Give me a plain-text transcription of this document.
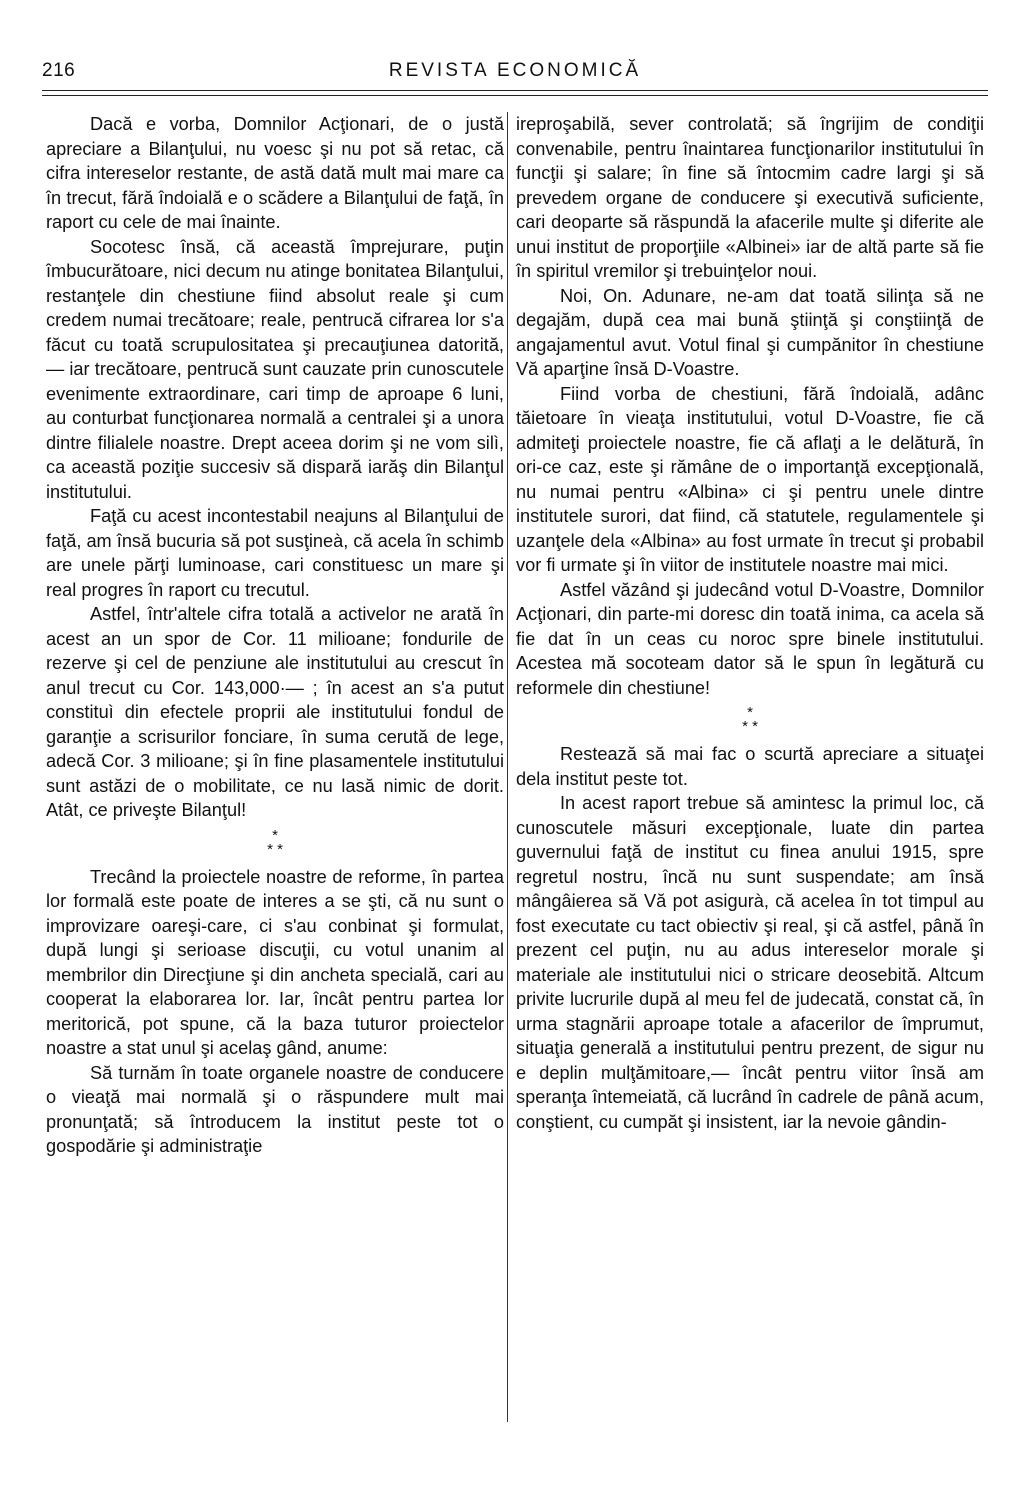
REVISTA ECONOMICĂ
216

Dacă e vorba, Domnilor Acţionari, de o justă apreciare a Bilanţului, nu voesc şi nu pot să retac, că cifra intereselor restante, de astă dată mult mai mare ca în trecut, fără îndoială e o scădere a Bilanţului de faţă, în raport cu cele de mai înainte.

Socotesc însă, că această împrejurare, puţin îmbucurătoare, nici decum nu atinge bonitatea Bilanţului, restanţele din chestiune fiind absolut reale şi cum credem numai trecătoare; reale, pentrucă cifrarea lor s'a făcut cu toată scrupulositatea şi precauţiunea datorită, — iar trecătoare, pentrucă sunt cauzate prin cunoscutele evenimente extraordinare, cari timp de aproape 6 luni, au conturbat funcţionarea normală a centralei şi a unora dintre filialele noastre. Drept aceea dorim şi ne vom silì, ca această poziţie succesiv să dispară iarăş din Bilanţul institutului.

Faţă cu acest incontestabil neajuns al Bilanţului de faţă, am însă bucuria să pot susţineà, că acela în schimb are unele părţi luminoase, cari constituesc un mare şi real progres în raport cu trecutul.

Astfel, într'altele cifra totală a activelor ne arată în acest an un spor de Cor. 11 milioane; fondurile de rezerve şi cel de penziune ale institutului au crescut în anul trecut cu Cor. 143,000·— ; în acest an s'a putut constituì din efectele proprii ale institutului fondul de garanţie a scrisurilor fonciare, în suma cerută de lege, adecă Cor. 3 milioane; şi în fine plasamentele institutului sunt astăzi de o mobilitate, ce nu lasă nimic de dorit. Atât, ce priveşte Bilanţul!

*
* *

Trecând la proiectele noastre de reforme, în partea lor formală este poate de interes a se şti, că nu sunt o improvizare oareşi-care, ci s'au conbinat şi formulat, după lungi şi serioase discuţii, cu votul unanim al membrilor din Direcţiune şi din ancheta specială, cari au cooperat la elaborarea lor. Iar, încât pentru partea lor meritorică, pot spune, că la baza tuturor proiectelor noastre a stat unul şi acelaş gând, anume:

Să turnăm în toate organele noastre de conducere o vieaţă mai normală şi o răspundere mult mai pronunţată; să întroducem la institut peste tot o gospodărie şi administraţie

ireproşabilă, sever controlată; să îngrijim de condiţii convenabile, pentru înaintarea funcţionarilor institutului în funcţii şi salare; în fine să întocmim cadre largi şi să prevedem organe de conducere şi executivă suficiente, cari deoparte să răspundă la afacerile multe şi diferite ale unui institut de proporţiile «Albinei» iar de altă parte să fie în spiritul vremilor şi trebuinţelor noui.

Noi, On. Adunare, ne-am dat toată silinţa să ne degajăm, după cea mai bună ştiinţă şi conştiinţă de angajamentul avut. Votul final şi cumpănitor în chestiune Vă aparţine însă D-Voastre.

Fiind vorba de chestiuni, fără îndoială, adânc tăietoare în vieaţa institutului, votul D-Voastre, fie că admiteţi proiectele noastre, fie că aflaţi a le delătură, în ori-ce caz, este şi rămâne de o importanţă excepţională, nu numai pentru «Albina» ci şi pentru unele dintre institutele surori, dat fiind, că statutele, regulamentele şi uzanţele dela «Albina» au fost urmate în trecut şi probabil vor fi urmate şi în viitor de institutele noastre mai mici.

Astfel văzând şi judecând votul D-Voastre, Domnilor Acţionari, din parte-mi doresc din toată inima, ca acela să fie dat în un ceas cu noroc spre binele institutului. Acestea mă socoteam dator să le spun în legătură cu reformele din chestiune!

*
* *

Restează să mai fac o scurtă apreciare a situaţei dela institut peste tot.

In acest raport trebue să amintesc la primul loc, că cunoscutele măsuri excepţionale, luate din partea guvernului faţă de institut cu finea anului 1915, spre regretul nostru, încă nu sunt suspendate; am însă mângâierea să Vă pot asigurà, că acelea în tot timpul au fost executate cu tact obiectiv şi real, şi că astfel, până în prezent cel puţin, nu au adus intereselor morale şi materiale ale institutului nici o stricare deosebită. Altcum privite lucrurile după al meu fel de judecată, constat că, în urma stagnării aproape totale a afacerilor de împrumut, situaţia generală a institutului pentru prezent, de sigur nu e deplin mulţămitoare,— încât pentru viitor însă am speranţa întemeiată, că lucrând în cadrele de până acum, conştient, cu cumpăt şi insistent, iar la nevoie gândin-
